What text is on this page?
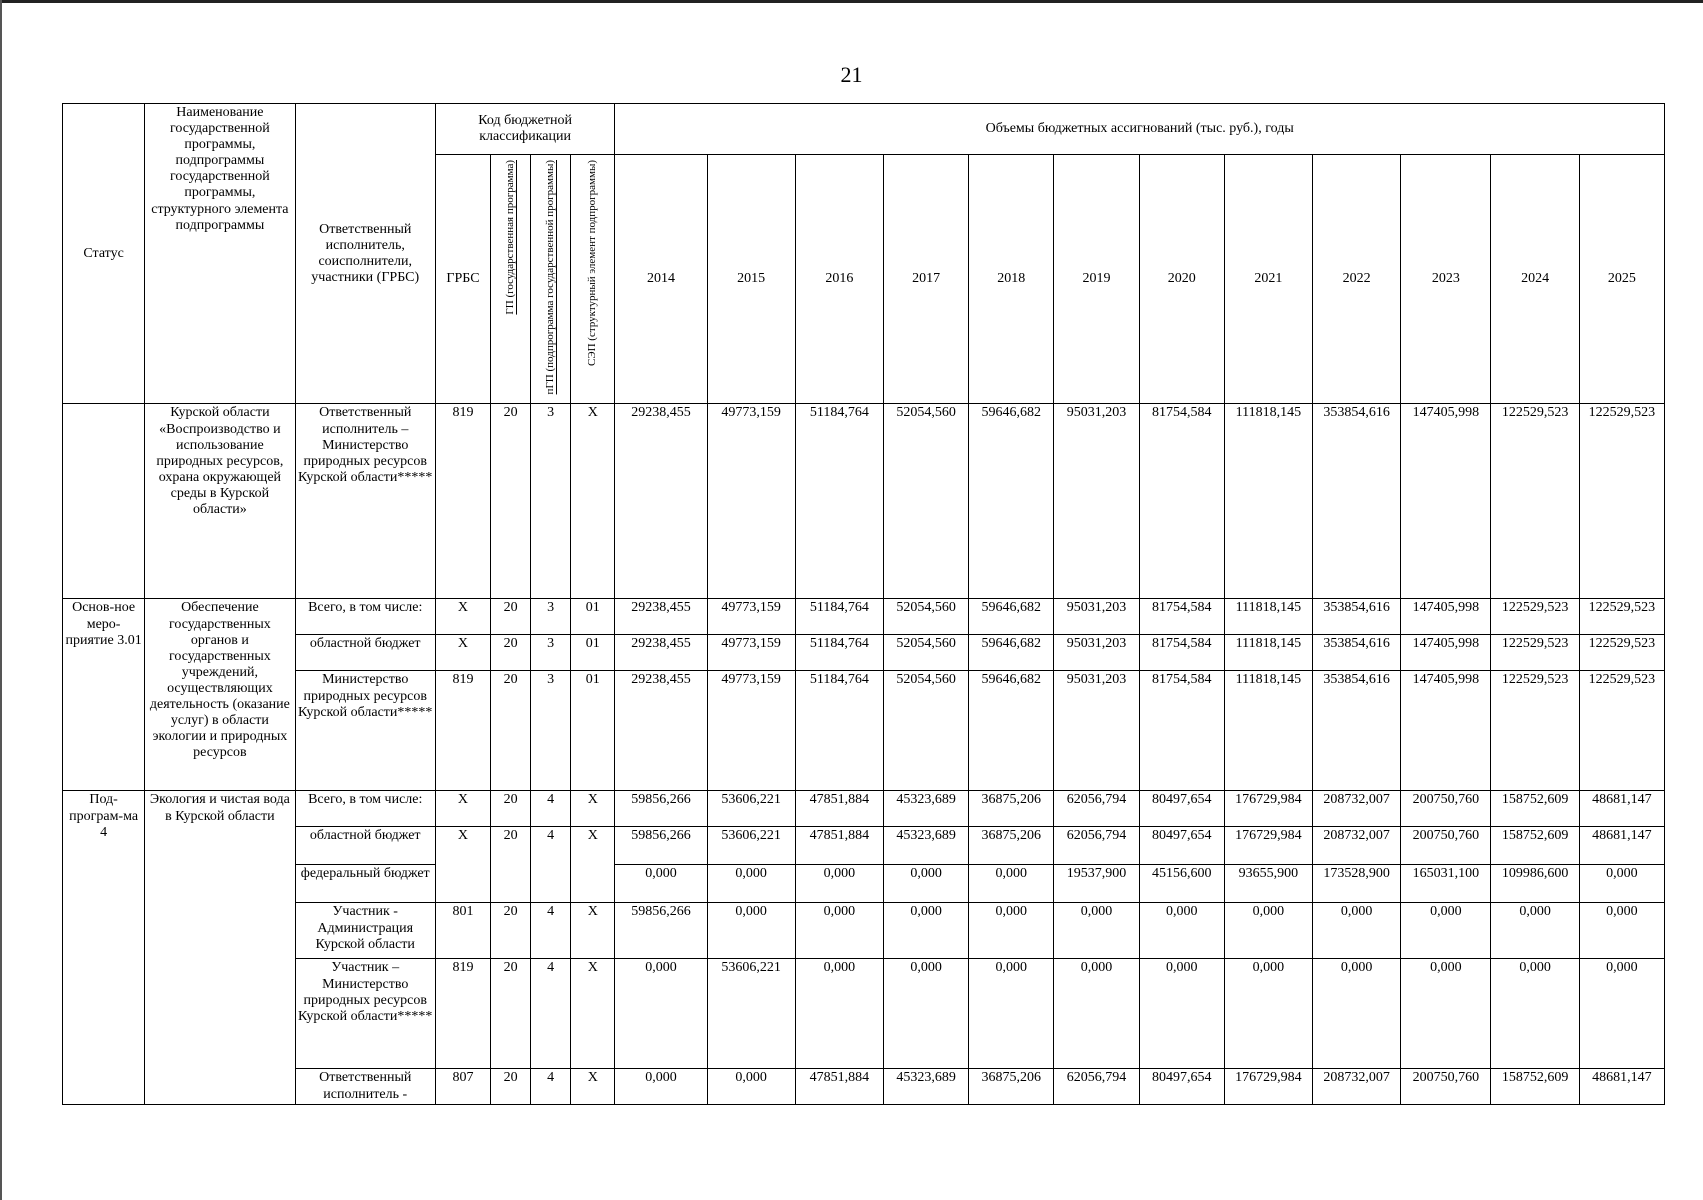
21
Статус	Наименование государственной программы, подпрограммы государственной программы, структурного элемента подпрограммы	Ответственный исполнитель, соисполнители, участники (ГРБС)	Код бюджетной классификации				Объемы бюджетных ассигнований (тыс. руб.), годы											
			ГРБС	ГП (государственная программа)	пГП (подпрограмма государственной программы)	СЭП (структурный элемент подпрограммы)	2014	2015	2016	2017	2018	2019	2020	2021	2022	2023	2024	2025
	Курской области «Воспроизводство и использование природных ресурсов, охрана окружающей среды в Курской области»	Ответственный исполнитель – Министерство природных ресурсов Курской области*****	819	20	3	Х	29238,455	49773,159	51184,764	52054,560	59646,682	95031,203	81754,584	111818,145	353854,616	147405,998	122529,523	122529,523
Основ-ное меро-приятие 3.01	Обеспечение государственных органов и государственных учреждений, осуществляющих деятельность (оказание услуг) в области экологии и природных ресурсов	Всего, в том числе:	Х	20	3	01	29238,455	49773,159	51184,764	52054,560	59646,682	95031,203	81754,584	111818,145	353854,616	147405,998	122529,523	122529,523
		областной бюджет	Х	20	3	01	29238,455	49773,159	51184,764	52054,560	59646,682	95031,203	81754,584	111818,145	353854,616	147405,998	122529,523	122529,523
		Министерство природных ресурсов Курской области*****	819	20	3	01	29238,455	49773,159	51184,764	52054,560	59646,682	95031,203	81754,584	111818,145	353854,616	147405,998	122529,523	122529,523
Под-програм-ма 4	Экология и чистая вода в Курской области	Всего, в том числе:	Х	20	4	Х	59856,266	53606,221	47851,884	45323,689	36875,206	62056,794	80497,654	176729,984	208732,007	200750,760	158752,609	48681,147
		областной бюджет	Х	20	4	Х	59856,266	53606,221	47851,884	45323,689	36875,206	62056,794	80497,654	176729,984	208732,007	200750,760	158752,609	48681,147
		федеральный бюджет					0,000	0,000	0,000	0,000	0,000	19537,900	45156,600	93655,900	173528,900	165031,100	109986,600	0,000
		Участник - Администрация Курской области	801	20	4	Х	59856,266	0,000	0,000	0,000	0,000	0,000	0,000	0,000	0,000	0,000	0,000	0,000
		Участник – Министерство природных ресурсов Курской области*****	819	20	4	Х	0,000	53606,221	0,000	0,000	0,000	0,000	0,000	0,000	0,000	0,000	0,000	0,000
		Ответственный исполнитель -	807	20	4	Х	0,000	0,000	47851,884	45323,689	36875,206	62056,794	80497,654	176729,984	208732,007	200750,760	158752,609	48681,147
